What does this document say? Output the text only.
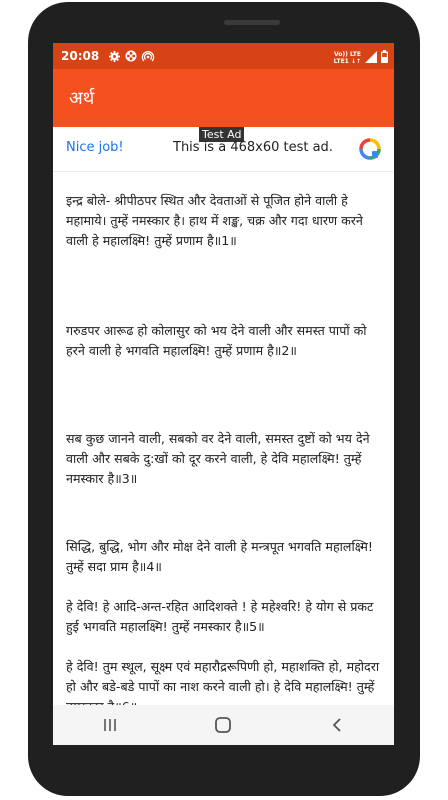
20:08	Vo)) LTE
LTE1 ↓↑
अर्थ
Test Ad
Nice job!	This is a 468x60 test ad.

इन्द्र बोले- श्रीपीठपर स्थित और देवताओं से पूजित होने वाली हे महामाये। तुम्हें नमस्कार है। हाथ में शङ्ख, चक्र और गदा धारण करने वाली हे महालक्ष्मि! तुम्हें प्रणाम है॥1॥

गरुडपर आरूढ हो कोलासुर को भय देने वाली और समस्त पापों को हरने वाली हे भगवति महालक्ष्मि! तुम्हें प्रणाम है॥2॥

सब कुछ जानने वाली, सबको वर देने वाली, समस्त दुष्टों को भय देने वाली और सबके दु:खों को दूर करने वाली, हे देवि महालक्ष्मि! तुम्हें नमस्कार है॥3॥

सिद्धि, बुद्धि, भोग और मोक्ष देने वाली हे मन्त्रपूत भगवति महालक्ष्मि! तुम्हें सदा प्राम है॥4॥

हे देवि! हे आदि-अन्त-रहित आदिशक्ते ! हे महेश्वरि! हे योग से प्रकट हुई भगवति महालक्ष्मि! तुम्हें नमस्कार है॥5॥

हे देवि! तुम स्थूल, सूक्ष्म एवं महारौद्ररूपिणी हो, महाशक्ति हो, महोदरा हो और बडे-बडे पापों का नाश करने वाली हो। हे देवि महालक्ष्मि! तुम्हें
